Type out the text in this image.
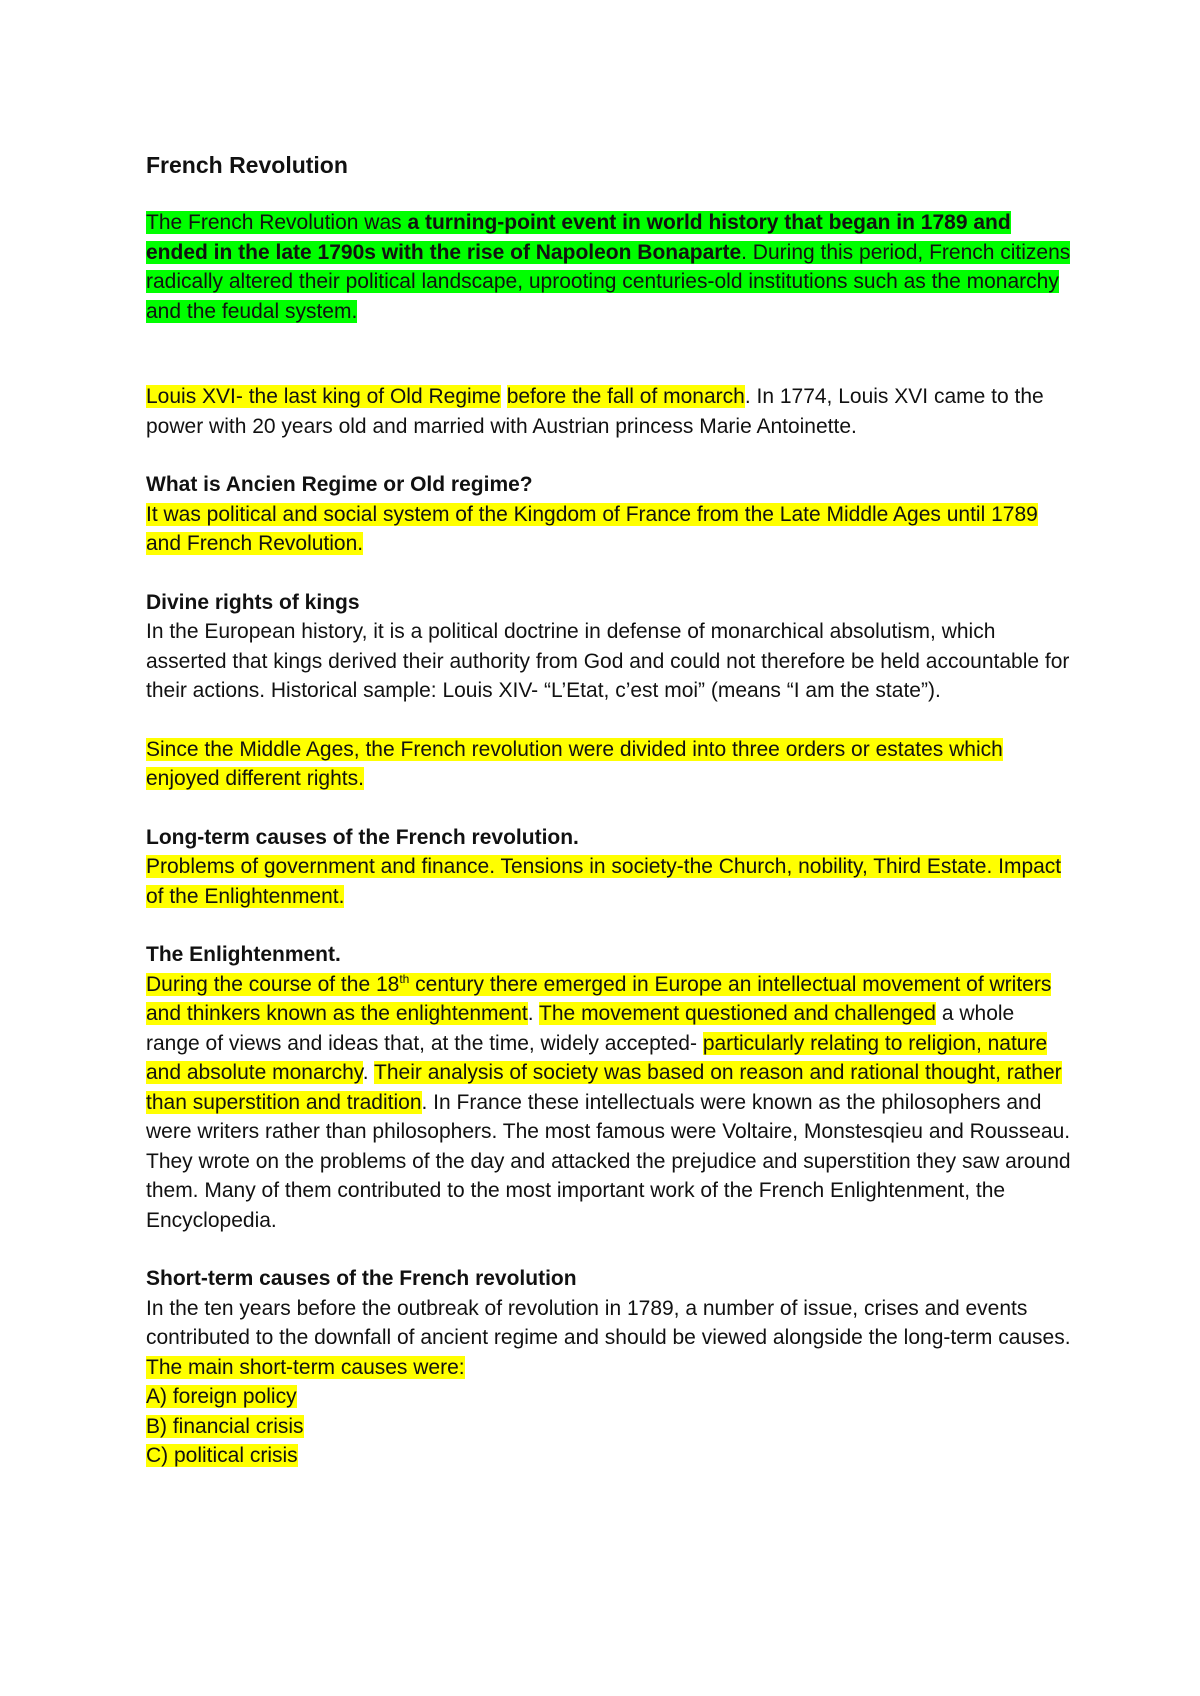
French Revolution

The French Revolution was a turning-point event in world history that began in 1789 and ended in the late 1790s with the rise of Napoleon Bonaparte. During this period, French citizens radically altered their political landscape, uprooting centuries-old institutions such as the monarchy and the feudal system.

Louis XVI- the last king of Old Regime before the fall of monarch. In 1774, Louis XVI came to the power with 20 years old and married with Austrian princess Marie Antoinette.

What is Ancien Regime or Old regime?

It was political and social system of the Kingdom of France from the Late Middle Ages until 1789 and French Revolution.

Divine rights of kings

In the European history, it is a political doctrine in defense of monarchical absolutism, which asserted that kings derived their authority from God and could not therefore be held accountable for their actions. Historical sample: Louis XIV- “L’Etat, c’est moi” (means “I am the state”).

Since the Middle Ages, the French revolution were divided into three orders or estates which enjoyed different rights.

Long-term causes of the French revolution.

Problems of government and finance. Tensions in society-the Church, nobility, Third Estate. Impact of the Enlightenment.

The Enlightenment.

During the course of the 18th century there emerged in Europe an intellectual movement of writers and thinkers known as the enlightenment. The movement questioned and challenged a whole range of views and ideas that, at the time, widely accepted- particularly relating to religion, nature and absolute monarchy. Their analysis of society was based on reason and rational thought, rather than superstition and tradition. In France these intellectuals were known as the philosophers and were writers rather than philosophers. The most famous were Voltaire, Monstesqieu and Rousseau. They wrote on the problems of the day and attacked the prejudice and superstition they saw around them. Many of them contributed to the most important work of the French Enlightenment, the Encyclopedia.

Short-term causes of the French revolution

In the ten years before the outbreak of revolution in 1789, a number of issue, crises and events contributed to the downfall of ancient regime and should be viewed alongside the long-term causes. The main short-term causes were:

A) foreign policy

B) financial crisis

C) political crisis
